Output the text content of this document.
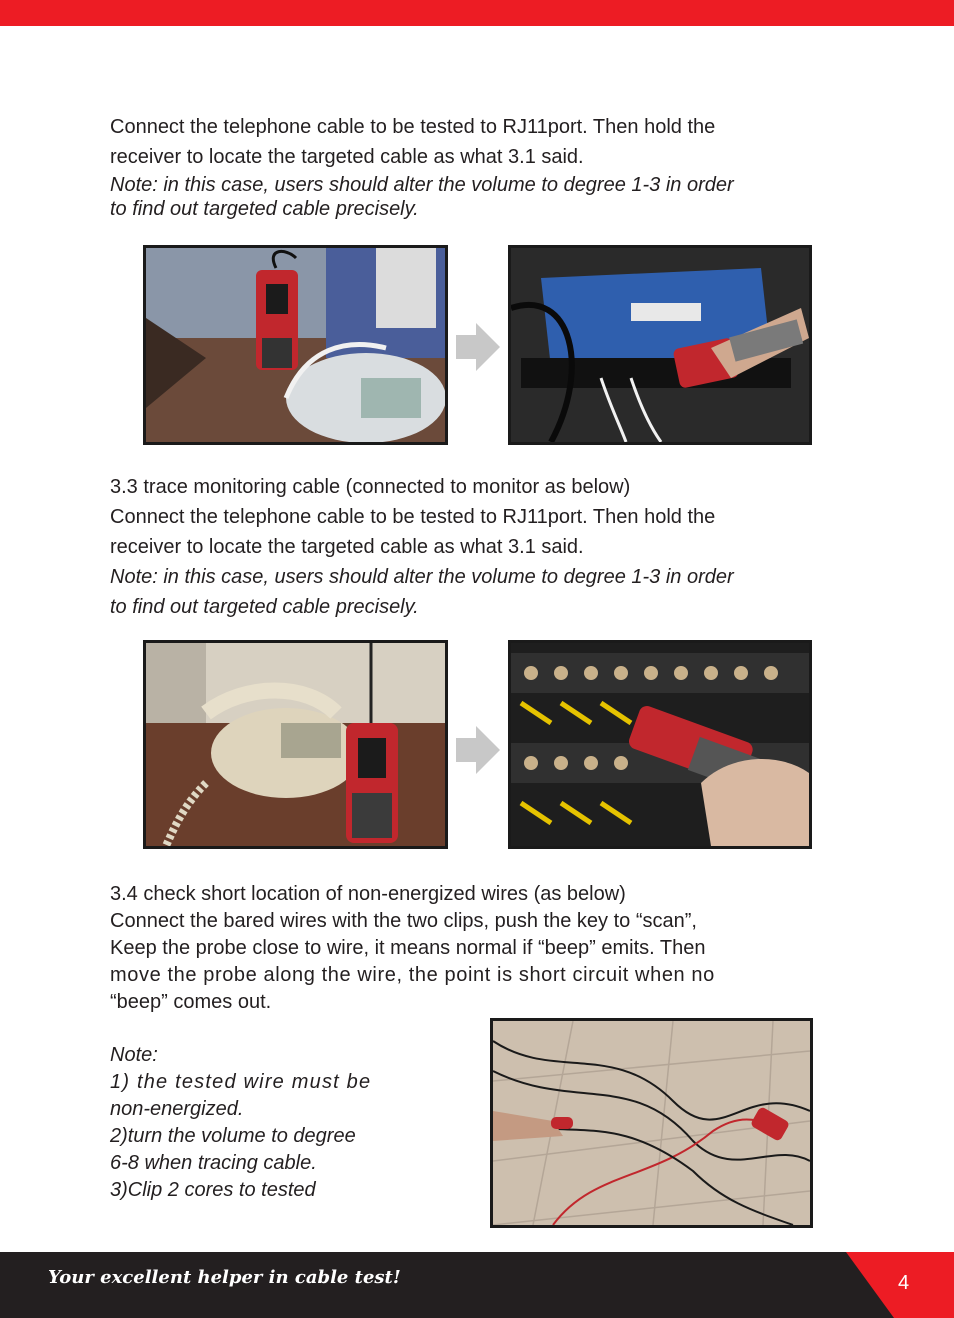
Connect the telephone cable to be tested to RJ11port. Then hold the

receiver to locate the targeted cable as what 3.1 said.

Note: in this case, users should alter the volume to degree 1-3 in order

to find out targeted cable precisely.

3.3 trace monitoring cable (connected to monitor as below)

Connect the telephone cable to be tested to RJ11port. Then hold the

receiver to locate the targeted cable as what 3.1 said.

Note: in this case, users should alter the volume to degree 1-3 in order

to find out targeted cable precisely.

3.4 check short location of non-energized wires (as below)

Connect the bared wires with the two clips, push the key to “scan”,

Keep the probe close to wire, it means normal if “beep” emits. Then

move the probe along the wire, the point is short circuit when no

“beep” comes out.

Note:

1) the tested wire must be

non-energized.

2)turn the volume to degree

6-8 when tracing cable.

3)Clip 2 cores to tested

Your excellent helper in cable test!	4
